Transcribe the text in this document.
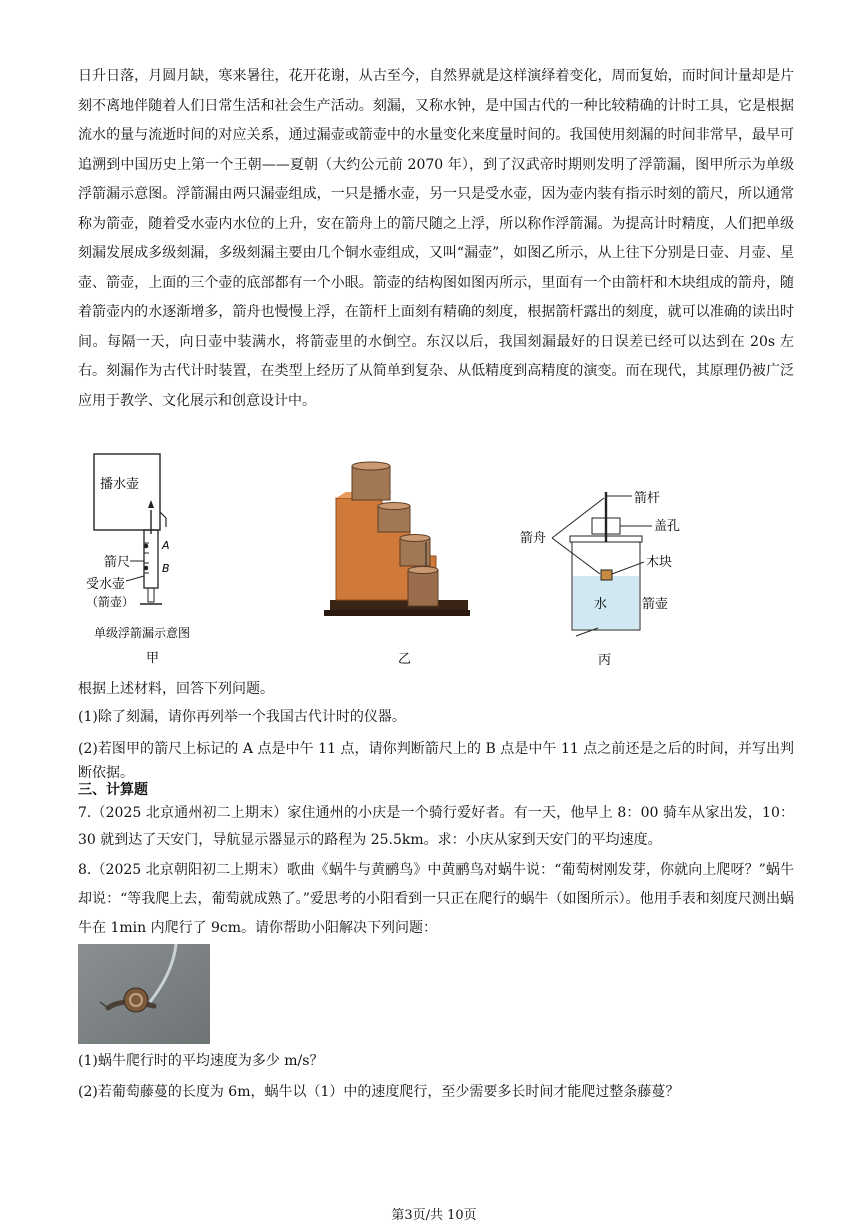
日升日落，月圆月缺，寒来暑往，花开花谢，从古至今，自然界就是这样演绎着变化，周而复始，而时间计量却是片刻不离地伴随着人们日常生活和社会生产活动。刻漏，又称水钟，是中国古代的一种比较精确的计时工具，它是根据流水的量与流逝时间的对应关系，通过漏壶或箭壶中的水量变化来度量时间的。我国使用刻漏的时间非常早，最早可追溯到中国历史上第一个王朝——夏朝（大约公元前 2070 年），到了汉武帝时期则发明了浮箭漏，图甲所示为单级浮箭漏示意图。浮箭漏由两只漏壶组成，一只是播水壶，另一只是受水壶，因为壶内装有指示时刻的箭尺，所以通常称为箭壶，随着受水壶内水位的上升，安在箭舟上的箭尺随之上浮，所以称作浮箭漏。为提高计时精度，人们把单级刻漏发展成多级刻漏，多级刻漏主要由几个铜水壶组成，又叫“漏壶”，如图乙所示，从上往下分别是日壶、月壶、星壶、箭壶，上面的三个壶的底部都有一个小眼。箭壶的结构图如图丙所示，里面有一个由箭杆和木块组成的箭舟，随着箭壶内的水逐渐增多，箭舟也慢慢上浮，在箭杆上面刻有精确的刻度，根据箭杆露出的刻度，就可以准确的读出时间。每隔一天，向日壶中装满水，将箭壶里的水倒空。东汉以后，我国刻漏最好的日误差已经可以达到在 20s 左右。刻漏作为古代计时装置，在类型上经历了从简单到复杂、从低精度到高精度的演变。而在现代，其原理仍被广泛应用于教学、文化展示和创意设计中。

播水壶
A
B
箭尺
受水壶
（箭壶）
单级浮箭漏示意图
甲	乙
水
箭杆
盖孔
木块
箭舟
箭壶
丙

根据上述材料，回答下列问题。

(1)除了刻漏，请你再列举一个我国古代计时的仪器。

(2)若图甲的箭尺上标记的 A 点是中午 11 点，请你判断箭尺上的 B 点是中午 11 点之前还是之后的时间，并写出判断依据。

三、计算题

7.（2025 北京通州初二上期末）家住通州的小庆是一个骑行爱好者。有一天，他早上 8：00 骑车从家出发，10：30 就到达了天安门，导航显示器显示的路程为 25.5km。求：小庆从家到天安门的平均速度。

8.（2025 北京朝阳初二上期末）歌曲《蜗牛与黄鹂鸟》中黄鹂鸟对蜗牛说：“葡萄树刚发芽，你就向上爬呀？”蜗牛却说：“等我爬上去，葡萄就成熟了。”爱思考的小阳看到一只正在爬行的蜗牛（如图所示）。他用手表和刻度尺测出蜗牛在 1min 内爬行了 9cm。请你帮助小阳解决下列问题：

(1)蜗牛爬行时的平均速度为多少 m/s？

(2)若葡萄藤蔓的长度为 6m，蜗牛以（1）中的速度爬行，至少需要多长时间才能爬过整条藤蔓？

第3页/共 10页
